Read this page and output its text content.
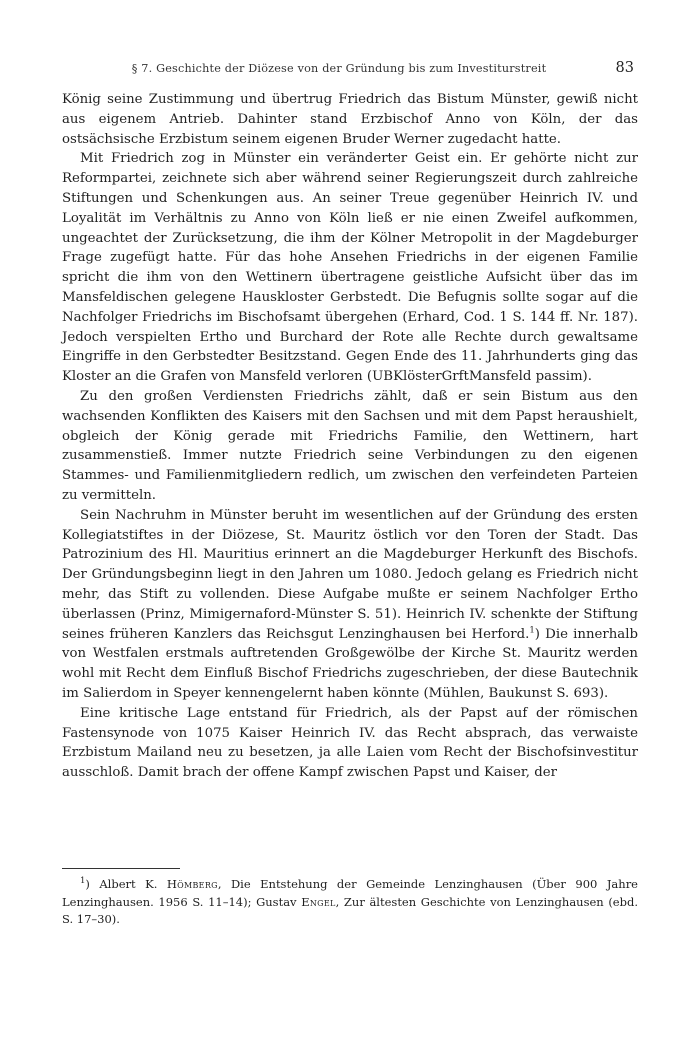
§ 7. Geschichte der Diözese von der Gründung bis zum Investiturstreit	83

König seine Zustimmung und übertrug Friedrich das Bistum Münster, gewiß nicht aus eigenem Antrieb. Dahinter stand Erzbischof Anno von Köln, der das ostsächsische Erzbistum seinem eigenen Bruder Werner zugedacht hatte.

Mit Friedrich zog in Münster ein veränderter Geist ein. Er gehörte nicht zur Reformpartei, zeichnete sich aber während seiner Regierungszeit durch zahlreiche Stiftungen und Schenkungen aus. An seiner Treue gegenüber Heinrich IV. und Loyalität im Verhältnis zu Anno von Köln ließ er nie einen Zweifel aufkommen, ungeachtet der Zurücksetzung, die ihm der Kölner Metropolit in der Magdeburger Frage zugefügt hatte. Für das hohe Ansehen Friedrichs in der eigenen Familie spricht die ihm von den Wettinern übertragene geistliche Aufsicht über das im Mansfeldischen gelegene Hauskloster Gerbstedt. Die Befugnis sollte sogar auf die Nachfolger Friedrichs im Bischofsamt übergehen (Erhard, Cod. 1 S. 144 ff. Nr. 187). Jedoch verspielten Ertho und Burchard der Rote alle Rechte durch gewaltsame Eingriffe in den Gerbstedter Besitzstand. Gegen Ende des 11. Jahrhunderts ging das Kloster an die Grafen von Mansfeld verloren (UBKlösterGrftMansfeld passim).

Zu den großen Verdiensten Friedrichs zählt, daß er sein Bistum aus den wachsenden Konflikten des Kaisers mit den Sachsen und mit dem Papst heraushielt, obgleich der König gerade mit Friedrichs Familie, den Wettinern, hart zusammenstieß. Immer nutzte Friedrich seine Verbindungen zu den eigenen Stammes- und Familienmitgliedern redlich, um zwischen den verfeindeten Parteien zu vermitteln.

Sein Nachruhm in Münster beruht im wesentlichen auf der Gründung des ersten Kollegiatstiftes in der Diözese, St. Mauritz östlich vor den Toren der Stadt. Das Patrozinium des Hl. Mauritius erinnert an die Magdeburger Herkunft des Bischofs. Der Gründungsbeginn liegt in den Jahren um 1080. Jedoch gelang es Friedrich nicht mehr, das Stift zu vollenden. Diese Aufgabe mußte er seinem Nachfolger Ertho überlassen (Prinz, Mimigernaford-Münster S. 51). Heinrich IV. schenkte der Stiftung seines früheren Kanzlers das Reichsgut Lenzinghausen bei Herford.$^1$) Die innerhalb von Westfalen erstmals auftretenden Großgewölbe der Kirche St. Mauritz werden wohl mit Recht dem Einfluß Bischof Friedrichs zugeschrieben, der diese Bautechnik im Salierdom in Speyer kennengelernt haben könnte (Mühlen, Baukunst S. 693).

Eine kritische Lage entstand für Friedrich, als der Papst auf der römischen Fastensynode von 1075 Kaiser Heinrich IV. das Recht absprach, das verwaiste Erzbistum Mailand neu zu besetzen, ja alle Laien vom Recht der Bischofsinvestitur ausschloß. Damit brach der offene Kampf zwischen Papst und Kaiser, der

$^1$) Albert K. Hömberg, Die Entstehung der Gemeinde Lenzinghausen (Über 900 Jahre Lenzinghausen. 1956 S. 11–14); Gustav Engel, Zur ältesten Geschichte von Lenzinghausen (ebd. S. 17–30).
